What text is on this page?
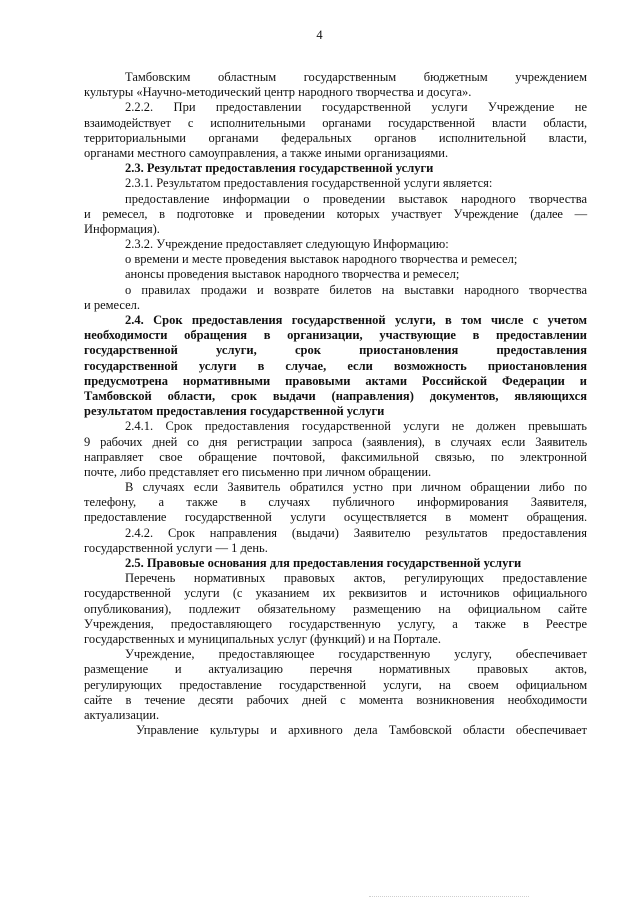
4
Тамбовским областным государственным бюджетным учреждением
культуры «Научно-методический центр народного творчества и досуга».
2.2.2. При предоставлении государственной услуги Учреждение не
взаимодействует с исполнительными органами государственной власти области,
территориальными органами федеральных органов исполнительной власти,
органами местного самоуправления, а также иными организациями.
2.3. Результат предоставления государственной услуги
2.3.1. Результатом предоставления государственной услуги является:
предоставление информации о проведении выставок народного творчества
и ремесел, в подготовке и проведении которых участвует Учреждение (далее —
Информация).
2.3.2. Учреждение предоставляет следующую Информацию:
о времени и месте проведения выставок народного творчества и ремесел;
анонсы проведения выставок народного творчества и ремесел;
о правилах продажи и возврате билетов на выставки народного творчества
и ремесел.
2.4. Срок предоставления государственной услуги, в том числе с учетом
необходимости обращения в организации, участвующие в предоставлении
государственной услуги, срок приостановления предоставления
государственной услуги в случае, если возможность приостановления
предусмотрена нормативными правовыми актами Российской Федерации и
Тамбовской области, срок выдачи (направления) документов, являющихся
результатом предоставления государственной услуги
2.4.1. Срок предоставления государственной услуги не должен превышать
9 рабочих дней со дня регистрации запроса (заявления), в случаях если Заявитель
направляет свое обращение почтовой, факсимильной связью, по электронной
почте, либо представляет его письменно при личном обращении.
В случаях если Заявитель обратился устно при личном обращении либо по
телефону, а также в случаях публичного информирования Заявителя,
предоставление государственной услуги осуществляется в момент обращения.
2.4.2. Срок направления (выдачи) Заявителю результатов предоставления
государственной услуги — 1 день.
2.5. Правовые основания для предоставления государственной услуги
Перечень нормативных правовых актов, регулирующих предоставление
государственной услуги (с указанием их реквизитов и источников официального
опубликования), подлежит обязательному размещению на официальном сайте
Учреждения, предоставляющего государственную услугу, а также в Реестре
государственных и муниципальных услуг (функций) и на Портале.
Учреждение, предоставляющее государственную услугу, обеспечивает
размещение и актуализацию перечня нормативных правовых актов,
регулирующих предоставление государственной услуги, на своем официальном
сайте в течение десяти рабочих дней с момента возникновения необходимости
актуализации.
Управление культуры и архивного дела Тамбовской области обеспечивает
